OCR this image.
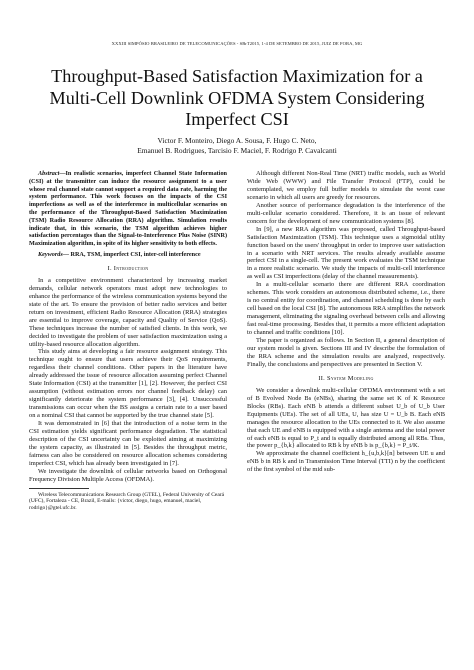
XXXIII SIMPÓSIO BRASILEIRO DE TELECOMUNICAÇÕES - SBrT2015, 1-4 DE SETEMBRO DE 2015, JUIZ DE FORA, MG
Throughput-Based Satisfaction Maximization for a
Multi-Cell Downlink OFDMA System Considering
Imperfect CSI
Victor F. Monteiro, Diego A. Sousa, F. Hugo C. Neto,
Emanuel B. Rodrigues, Tarcisio F. Maciel, F. Rodrigo P. Cavalcanti

Abstract—In realistic scenarios, imperfect Channel State Information (CSI) at the transmitter can induce the resource assignment to a user whose real channel state cannot support a required data rate, harming the system performance. This work focuses on the impacts of the CSI imperfections as well as of the interference in multicellular scenarios on the performance of the Throughput-Based Satisfaction Maximization (TSM) Radio Resource Allocation (RRA) algorithm. Simulation results indicate that, in this scenario, the TSM algorithm achieves higher satisfaction percentages than the Signal-to-Interference Plus Noise (SINR) Maximization algorithm, in spite of its higher sensitivity to both effects.

Keywords— RRA, TSM, imperfect CSI, inter-cell interference

I. Introduction

In a competitive environment characterized by increasing market demands, cellular network operators must adopt new technologies to enhance the performance of the wireless communication systems beyond the state of the art. To ensure the provision of better radio services and better return on investment, efficient Radio Resource Allocation (RRA) strategies are essential to improve coverage, capacity and Quality of Service (QoS). These techniques increase the number of satisfied clients. In this work, we decided to investigate the problem of user satisfaction maximization using a utility-based resource allocation algorithm.

This study aims at developing a fair resource assignment strategy. This technique ought to ensure that users achieve their QoS requirements, regardless their channel conditions. Other papers in the literature have already addressed the issue of resource allocation assuming perfect Channel State Information (CSI) at the transmitter [1], [2]. However, the perfect CSI assumption (without estimation errors nor channel feedback delay) can significantly deteriorate the system performance [3], [4]. Unsuccessful transmissions can occur when the BS assigns a certain rate to a user based on a nominal CSI that cannot be supported by the true channel state [5].

It was demonstrated in [6] that the introduction of a noise term in the CSI estimation yields significant performance degradation. The statistical description of the CSI uncertainty can be exploited aiming at maximizing the system capacity, as illustrated in [5]. Besides the throughput metric, fairness can also be considered on resource allocation schemes considering imperfect CSI, which has already been investigated in [7].

We investigate the downlink of cellular networks based on Orthogonal Frequency Division Multiple Access (OFDMA).

Wireless Telecommunications Research Group (GTEL), Federal University of Ceará (UFC), Fortaleza - CE, Brazil, E-mails: {victor, diego, hugo, emanuel, maciel, rodrigo}@gtel.ufc.br.

Although different Non-Real Time (NRT) traffic models, such as World Wide Web (WWW) and File Transfer Protocol (FTP), could be contemplated, we employ full buffer models to simulate the worst case scenario in which all users are greedy for resources.

Another source of performance degradation is the interference of the multi-cellular scenario considered. Therefore, it is an issue of relevant concern for the development of new communication systems [8].

In [9], a new RRA algorithm was proposed, called Throughput-based Satisfaction Maximization (TSM). This technique uses a sigmoidal utility function based on the users' throughput in order to improve user satisfaction in a scenario with NRT services. The results already available assume perfect CSI in a single-cell. The present work evaluates the TSM technique in a more realistic scenario. We study the impacts of multi-cell interference as well as CSI imperfections (delay of the channel measurements).

In a multi-cellular scenario there are different RRA coordination schemes. This work considers an autonomous distributed scheme, i.e., there is no central entity for coordination, and channel scheduling is done by each cell based on the local CSI [8]. The autonomous RRA simplifies the network management, eliminating the signaling overhead between cells and allowing fast real-time processing. Besides that, it permits a more efficient adaptation to channel and traffic conditions [10].

The paper is organized as follows. In Section II, a general description of our system model is given. Sections III and IV describe the formulation of the RRA scheme and the simulation results are analyzed, respectively. Finally, the conclusions and perspectives are presented in Section V.

II. System Modeling

We consider a downlink multi-cellular OFDMA environment with a set of B Evolved Node Bs (eNBs), sharing the same set K of K Resource Blocks (RBs). Each eNB b attends a different subset U_b of U_b User Equipments (UEs). The set of all UEs, U, has size U = U_b B. Each eNB manages the resource allocation to the UEs connected to it. We also assume that each UE and eNB is equipped with a single antenna and the total power of each eNB is equal to P_t and is equally distributed among all RBs. Thus, the power p_{b,k} allocated to RB k by eNB b is p_{b,k} = P_t/K.

We approximate the channel coefficient h_{u,b,k}[n] between UE u and eNB b in RB k and in Transmission Time Interval (TTI) n by the coefficient of the first symbol of the mid sub-
